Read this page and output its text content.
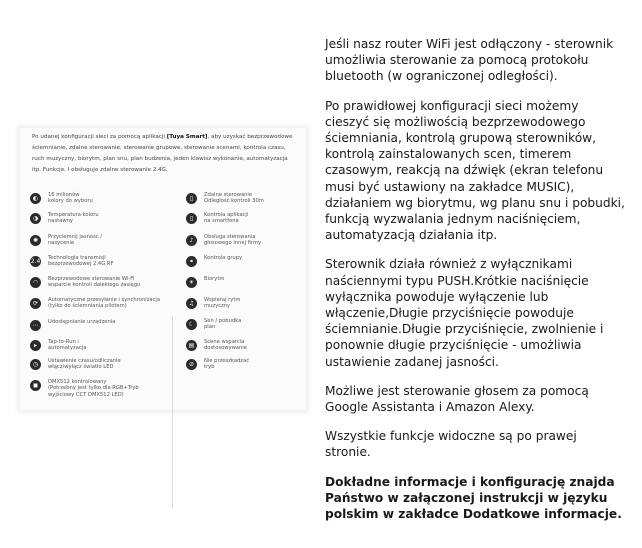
Po udanej konfiguracji sieci za pomocą aplikacji [Tuya Smart], aby uzyskać bezprzewodowe ściemnianie, zdalne sterowanie, sterowanie grupowe, sterowanie scenami, kontrola czasu, ruch muzyczny, biorytm, plan snu, plan budzenia, jeden klawisz wykonanie, automatyzacja itp. Funkcje. I obsługuje zdalne sterowanie 2.4G.
◐	16 milionów
kolory do wyboru
◑	Temperatura koloru
nastawny
✺	Przyciemnij jasność /
nasycenie
2.4 Technologia transmisji
bezprzewodowej 2.4G RF
◠	Bezprzewodowe sterowanie Wi-Fi
wsparcie kontroli dalekiego zasięgu
⟳	Automatyczne przesyłanie i synchronizacja
(tylko do ściemniania pilotem)
⋯	Udostępnianie urządzenia
▸	Tap-to-Run i
automatyzacja
◷	Ustawienie czasu/odliczanie
włącz/wyłącz światło LED
◼	DMX512 kontrolowany
(Potrzebny jest tylko dla RGB+Tryb
wyjściowy CCT DMX512 LED)
▯	Zdalne sterowanie
Odległość kontroli 30m
▯	Kontrola aplikacji
na smartfona
♪	Obsługa sterowania
głosowego innej firmy
⚭	Kontrola grupy
☀	Biorytm
♫	Wspieraj rytm
muzyczny
☾	Sen / pobudka
plan
▤	Scena wsparcia
dostosowywanie
⊘	Nie przeszkadzać
tryb

Jeśli nasz router WiFi jest odłączony - sterownik umożliwia sterowanie za pomocą protokołu bluetooth (w ograniczonej odległości).

Po prawidłowej konfiguracji sieci możemy cieszyć się możliwością bezprzewodowego ściemniania, kontrolą grupową sterowników, kontrolą zainstalowanych scen, timerem czasowym, reakcją na dźwięk (ekran telefonu musi być ustawiony na zakładce MUSIC), działaniem wg biorytmu, wg planu snu i pobudki, funkcją wyzwalania jednym naciśnięciem, automatyzacją działania itp.

Sterownik działa również z wyłącznikami naściennymi typu PUSH.Krótkie naciśnięcie wyłącznika powoduje wyłączenie lub włączenie,Długie przyciśnięcie powoduje ściemnianie.Długie przyciśnięcie, zwolnienie i ponownie długie przyciśnięcie - umożliwia ustawienie zadanej jasności.

Możliwe jest sterowanie głosem za pomocą Google Assistanta i Amazon Alexy.

Wszystkie funkcje widoczne są po prawej stronie.

Dokładne informacje i konfigurację znajda Państwo w załączonej instrukcji w języku polskim w zakładce Dodatkowe informacje.
